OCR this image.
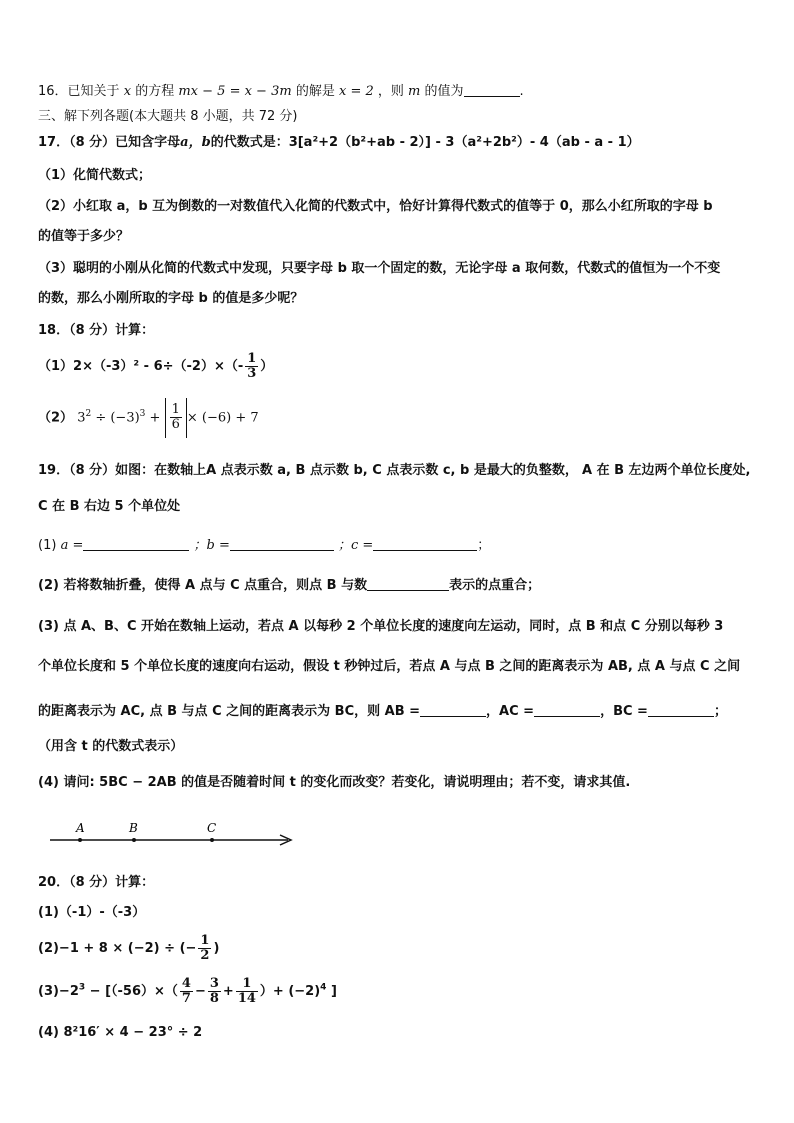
16．已知关于 x 的方程 mx − 5 = x − 3m 的解是 x = 2 ，则 m 的值为	.
三、解下列各题(本大题共 8 小题，共 72 分)
17．（8 分）已知含字母a，b的代数式是：3[a²+2（b²+ab - 2）] - 3（a²+2b²）- 4（ab - a - 1）
（1）化简代数式；
（2）小红取 a，b 互为倒数的一对数值代入化简的代数式中，恰好计算得代数式的值等于 0，那么小红所取的字母 b
的值等于多少？
（3）聪明的小刚从化简的代数式中发现，只要字母 b 取一个固定的数，无论字母 a 取何数，代数式的值恒为一个不变
的数，那么小刚所取的字母 b 的值是多少呢？
18．（8 分）计算：
$(1)2\times(-3)^2 - 6\div(-2)\times(- \frac{1}{3}$ ）
（2） $3^2 \div (-3)^3 + \frac{1}{6} \times (-6) + 7$
19．（8 分）如图：在数轴上A 点表示数 a, B 点示数 b, C 点表示数 c, b 是最大的负整数， A 在 B 左边两个单位长度处,
C 在 B 右边 5 个单位处
(1) a =	；b =	；c =	；
(2) 若将数轴折叠，使得 A 点与 C 点重合，则点 B 与数	表示的点重合；
(3) 点 A、B、C 开始在数轴上运动，若点 A 以每秒 2 个单位长度的速度向左运动，同时，点 B 和点 C 分别以每秒 3
个单位长度和 5 个单位长度的速度向右运动，假设 t 秒钟过后，若点 A 与点 B 之间的距离表示为 AB, 点 A 与点 C 之间
的距离表示为 AC, 点 B 与点 C 之间的距离表示为 BC，则 AB =	，AC =	，BC =	；
（用含 t 的代数式表示）
(4) 请问: 5BC − 2AB 的值是否随着时间 t 的变化而改变？若变化，请说明理由；若不变，请求其值.
A	B	C
20．（8 分）计算：
(1)（-1）-（-3）
(2)−1 + 8 × (−2) ÷ (− $\frac{1}{2}$ )
$(3)-2^3 - [(-56)\times( \frac{4}{7} - \frac{3}{8} + \frac{1}{14}$ ）+ $(-2)^4$ ]
(4) 8²16′ × 4 − 23° ÷ 2
